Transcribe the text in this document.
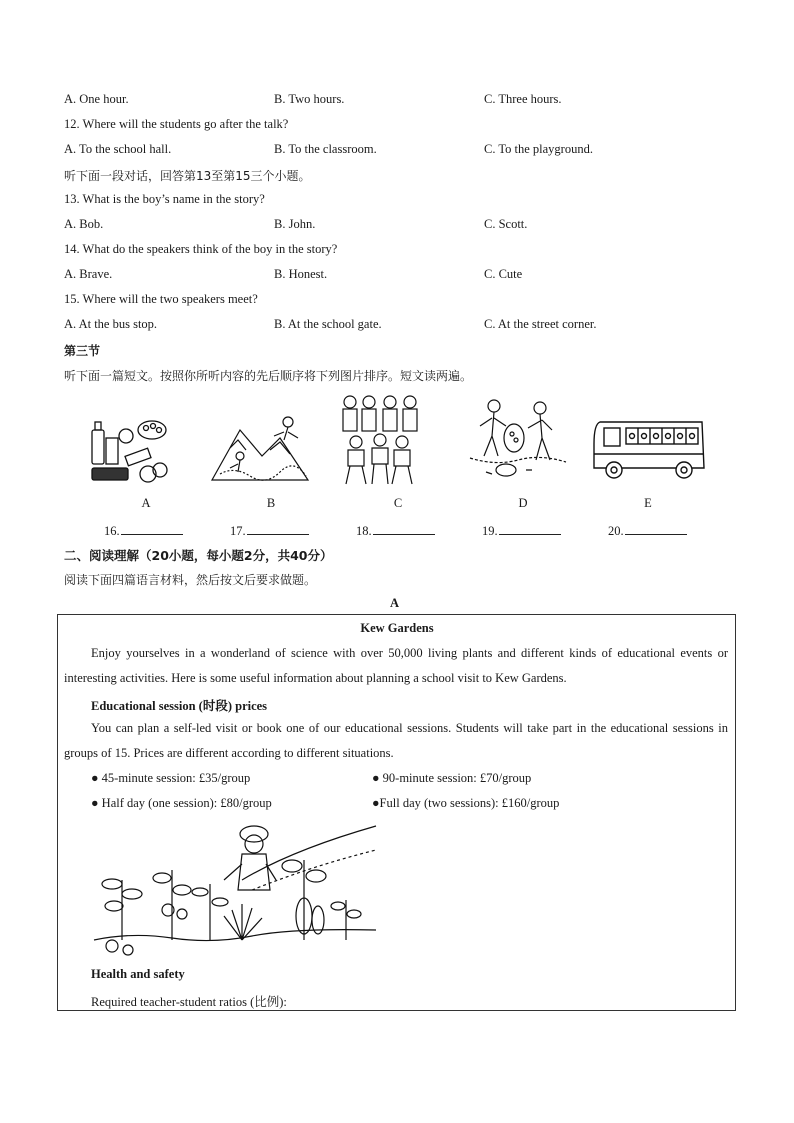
A. One hour.	B. Two hours.	C. Three hours.
12. Where will the students go after the talk?
A. To the school hall.	B. To the classroom.	C. To the playground.
听下面一段对话，回答第13至第15三个小题。
13. What is the boy’s name in the story?
A. Bob.	B. John.	C. Scott.
14. What do the speakers think of the boy in the story?
A. Brave.	B. Honest.	C. Cute
15. Where will the two speakers meet?
A. At the bus stop.	B. At the school gate.	C. At the street corner.
第三节
听下面一篇短文。按照你所听内容的先后顺序将下列图片排序。短文读两遍。
A	B	C	D	E
16.	17.	18.	19.	20.
二、阅读理解（20小题，每小题2分，共40分）
阅读下面四篇语言材料，然后按文后要求做题。
A
Kew Gardens
Enjoy yourselves in a wonderland of science with over 50,000 living plants and different kinds of educational events or interesting activities. Here is some useful information about planning a school visit to Kew Gardens.
Educational session (时段) prices
You can plan a self-led visit or book one of our educational sessions. Students will take part in the educational sessions in groups of 15. Prices are different according to different situations.
● 45-minute session: £35/group	● 90-minute session: £70/group
● Half day (one session): £80/group	●Full day (two sessions): £160/group
Health and safety
Required teacher-student ratios (比例):
